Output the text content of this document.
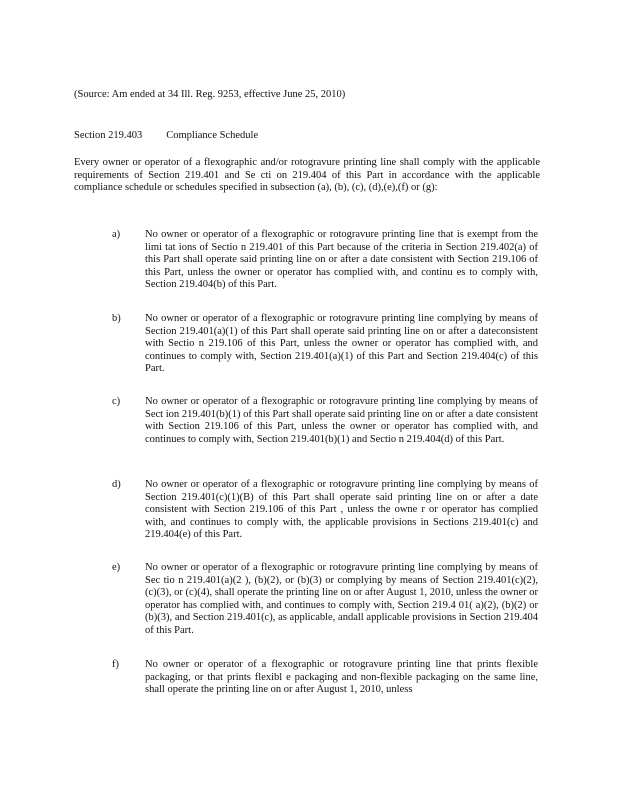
(Source: Am ended at 34 Ill. Reg. 9253, effective June 25, 2010)
Section 219.403 Compliance Schedule
Every owner or operator of a flexographic and/or rotogravure printing line shall comply with the applicable requirements of Section 219.401 and Se cti on 219.404 of this Part in accordance with the applicable compliance schedule or schedules specified in subsection (a), (b), (c), (d),(e),(f) or (g):
a) No owner or operator of a flexographic or rotogravure printing line that is exempt from the limi tat ions of Sectio n 219.401 of this Part because of the criteria in Section 219.402(a) of this Part shall operate said printing line on or after a date consistent with Section 219.106 of this Part, unless the owner or operator has complied with, and continu es to comply with, Section 219.404(b) of this Part.
b) No owner or operator of a flexographic or rotogravure printing line complying by means of Section 219.401(a)(1) of this Part shall operate said printing line on or after a dateconsistent with Sectio n 219.106 of this Part, unless the owner or operator has complied with, and continues to comply with, Section 219.401(a)(1) of this Part and Section 219.404(c) of this Part.
c) No owner or operator of a flexographic or rotogravure printing line complying by means of Sect ion 219.401(b)(1) of this Part shall operate said printing line on or after a date consistent with Section 219.106 of this Part, unless the owner or operator has complied with, and continues to comply with, Section 219.401(b)(1) and Sectio n 219.404(d) of this Part.
d) No owner or operator of a flexographic or rotogravure printing line complying by means of Section 219.401(c)(1)(B) of this Part shall operate said printing line on or after a date consistent with Section 219.106 of this Part , unless the owne r or operator has complied with, and continues to comply with, the applicable provisions in Sections 219.401(c) and 219.404(e) of this Part.
e) No owner or operator of a flexographic or rotogravure printing line complying by means of Sec tio n 219.401(a)(2 ), (b)(2), or (b)(3) or complying by means of Section 219.401(c)(2), (c)(3), or (c)(4), shall operate the printing line on or after August 1, 2010, unless the owner or operator has complied with, and continues to comply with, Section 219.4 01( a)(2), (b)(2) or (b)(3), and Section 219.401(c), as applicable, andall applicable provisions in Section 219.404 of this Part.
f) No owner or operator of a flexographic or rotogravure printing line that prints flexible packaging, or that prints flexibl e packaging and non-flexible packaging on the same line, shall operate the printing line on or after August 1, 2010, unless
